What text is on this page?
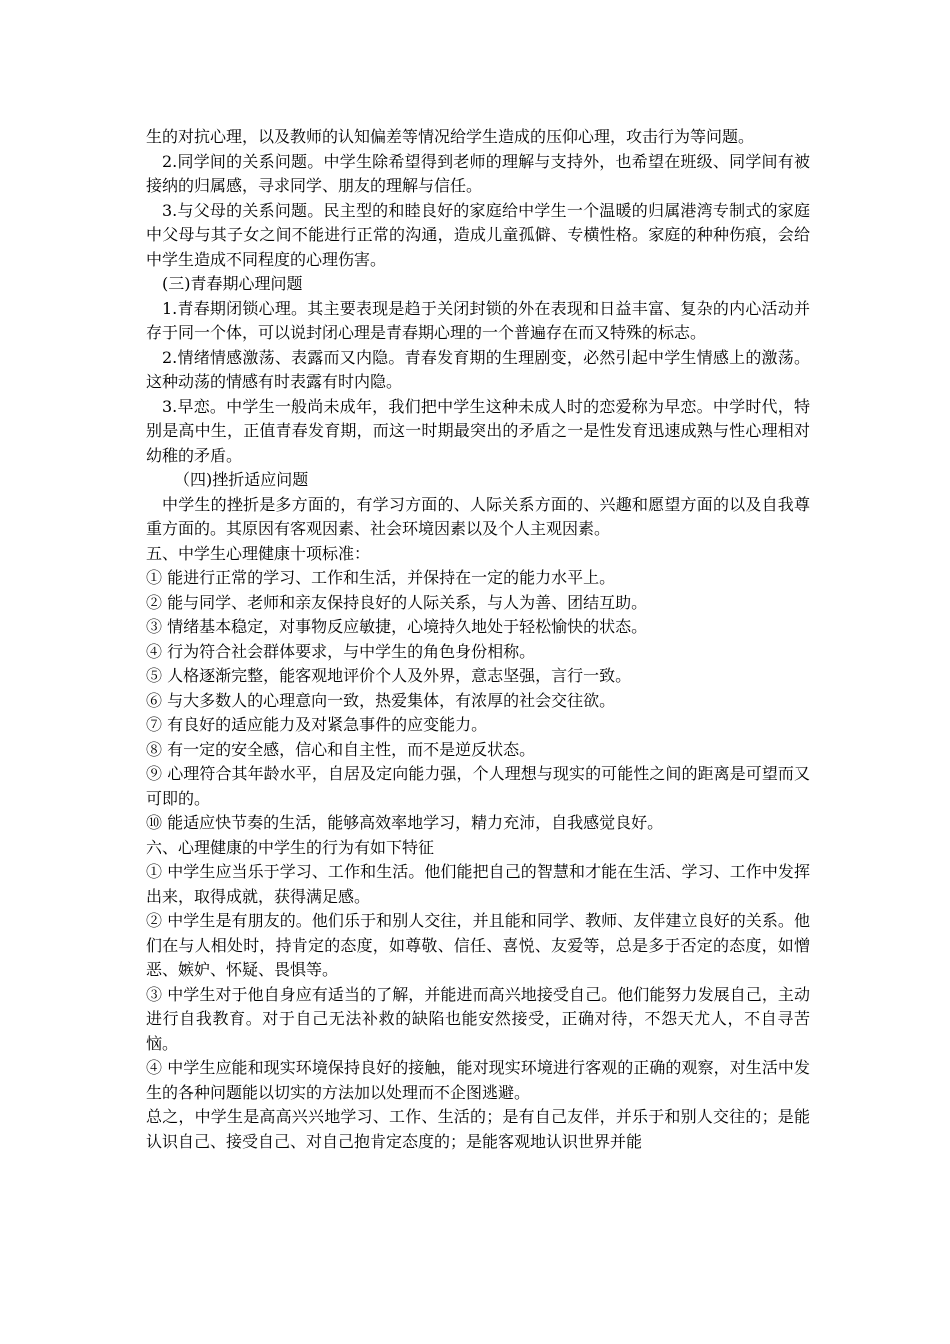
生的对抗心理，以及教师的认知偏差等情况给学生造成的压仰心理，攻击行为等问题。

2.同学间的关系问题。中学生除希望得到老师的理解与支持外，也希望在班级、同学间有被接纳的归属感，寻求同学、朋友的理解与信任。

3.与父母的关系问题。民主型的和睦良好的家庭给中学生一个温暖的归属港湾专制式的家庭中父母与其子女之间不能进行正常的沟通，造成儿童孤僻、专横性格。家庭的种种伤痕，会给中学生造成不同程度的心理伤害。

(三)青春期心理问题

1.青春期闭锁心理。其主要表现是趋于关闭封锁的外在表现和日益丰富、复杂的内心活动并存于同一个体，可以说封闭心理是青春期心理的一个普遍存在而又特殊的标志。

2.情绪情感激荡、表露而又内隐。青春发育期的生理剧变，必然引起中学生情感上的激荡。这种动荡的情感有时表露有时内隐。

3.早恋。中学生一般尚未成年，我们把中学生这种未成人时的恋爱称为早恋。中学时代，特别是高中生，正值青春发育期，而这一时期最突出的矛盾之一是性发育迅速成熟与性心理相对幼稚的矛盾。

（四)挫折适应问题

中学生的挫折是多方面的，有学习方面的、人际关系方面的、兴趣和愿望方面的以及自我尊重方面的。其原因有客观因素、社会环境因素以及个人主观因素。

五、中学生心理健康十项标准：

① 能进行正常的学习、工作和生活，并保持在一定的能力水平上。

② 能与同学、老师和亲友保持良好的人际关系，与人为善、团结互助。

③ 情绪基本稳定，对事物反应敏捷，心境持久地处于轻松愉快的状态。

④ 行为符合社会群体要求，与中学生的角色身份相称。

⑤ 人格逐渐完整，能客观地评价个人及外界，意志坚强，言行一致。

⑥ 与大多数人的心理意向一致，热爱集体，有浓厚的社会交往欲。

⑦ 有良好的适应能力及对紧急事件的应变能力。

⑧ 有一定的安全感，信心和自主性，而不是逆反状态。

⑨ 心理符合其年龄水平，自居及定向能力强，个人理想与现实的可能性之间的距离是可望而又可即的。

⑩ 能适应快节奏的生活，能够高效率地学习，精力充沛，自我感觉良好。

六、心理健康的中学生的行为有如下特征

① 中学生应当乐于学习、工作和生活。他们能把自己的智慧和才能在生活、学习、工作中发挥出来，取得成就，获得满足感。

② 中学生是有朋友的。他们乐于和别人交往，并且能和同学、教师、友伴建立良好的关系。他们在与人相处时，持肯定的态度，如尊敬、信任、喜悦、友爱等，总是多于否定的态度，如憎恶、嫉妒、怀疑、畏惧等。

③ 中学生对于他自身应有适当的了解，并能进而高兴地接受自己。他们能努力发展自己，主动进行自我教育。对于自己无法补救的缺陷也能安然接受，正确对待，不怨天尤人，不自寻苦恼。

④ 中学生应能和现实环境保持良好的接触，能对现实环境进行客观的正确的观察，对生活中发生的各种问题能以切实的方法加以处理而不企图逃避。

总之，中学生是高高兴兴地学习、工作、生活的；是有自己友伴，并乐于和别人交往的；是能认识自己、接受自己、对自己抱肯定态度的；是能客观地认识世界并能
